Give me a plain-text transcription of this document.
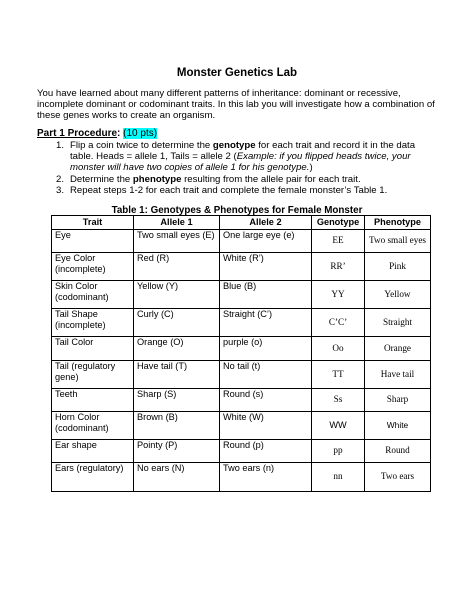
Monster Genetics Lab
You have learned about many different patterns of inheritance: dominant or recessive, incomplete dominant or codominant traits. In this lab you will investigate how a combination of these genes works to create an organism.
Part 1 Procedure: (10 pts)
1. Flip a coin twice to determine the genotype for each trait and record it in the data table. Heads = allele 1, Tails = allele 2 (Example: if you flipped heads twice, your monster will have two copies of allele 1 for his genotype.)
2. Determine the phenotype resulting from the allele pair for each trait.
3. Repeat steps 1-2 for each trait and complete the female monster’s Table 1.
Table 1: Genotypes & Phenotypes for Female Monster
Trait	Allele 1	Allele 2	Genotype	Phenotype
Eye	Two small eyes (E)	One large eye (e)	EE	Two small eyes
Eye Color (incomplete)	Red (R)	White (R’)	RR’	Pink
Skin Color (codominant)	Yellow (Y)	Blue (B)	YY	Yellow
Tail Shape (incomplete)	Curly (C)	Straight (C’)	C’C’	Straight
Tail Color	Orange (O)	purple (o)	Oo	Orange
Tail (regulatory gene)	Have tail (T)	No tail (t)	TT	Have tail
Teeth	Sharp (S)	Round (s)	Ss	Sharp
Horn Color (codominant)	Brown (B)	White (W)	WW	White
Ear shape	Pointy (P)	Round (p)	pp	Round
Ears (regulatory)	No ears (N)	Two ears (n)	nn	Two ears
